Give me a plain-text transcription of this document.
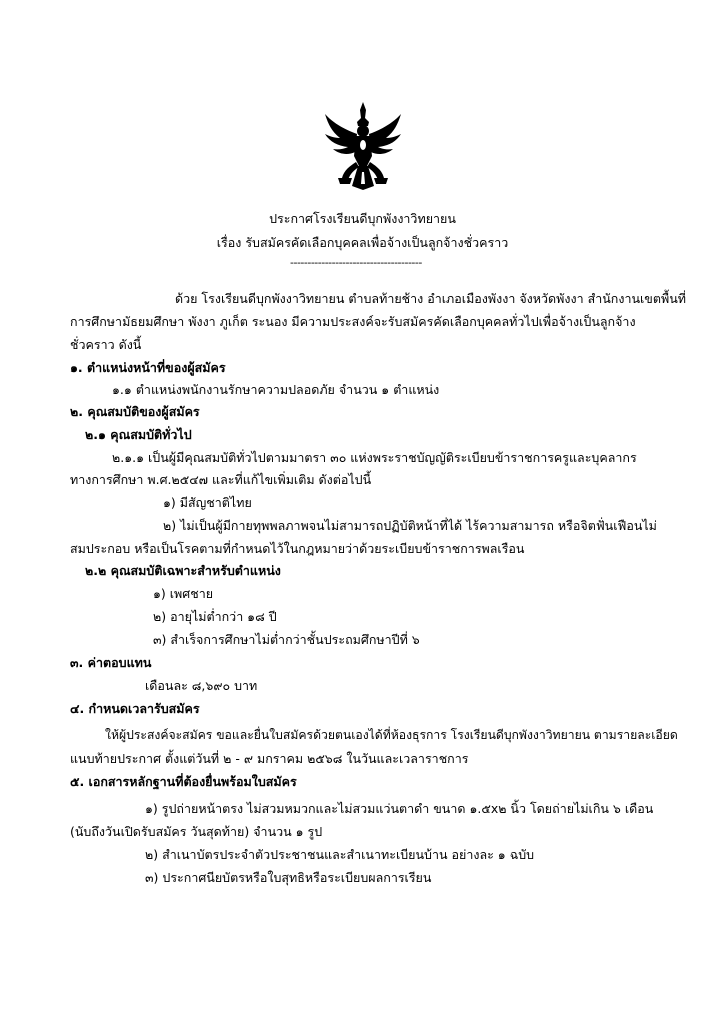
ประกาศโรงเรียนดีบุกพังงาวิทยายน
เรื่อง รับสมัครคัดเลือกบุคคลเพื่อจ้างเป็นลูกจ้างชั่วคราว
--------------------------------------
ด้วย โรงเรียนดีบุกพังงาวิทยายน ตำบลท้ายช้าง อำเภอเมืองพังงา จังหวัดพังงา สำนักงานเขตพื้นที่
การศึกษามัธยมศึกษา พังงา ภูเก็ต ระนอง มีความประสงค์จะรับสมัครคัดเลือกบุคคลทั่วไปเพื่อจ้างเป็นลูกจ้าง
ชั่วคราว ดังนี้
๑. ตำแหน่งหน้าที่ของผู้สมัคร
๑.๑ ตำแหน่งพนักงานรักษาความปลอดภัย จำนวน ๑ ตำแหน่ง
๒. คุณสมบัติของผู้สมัคร
๒.๑ คุณสมบัติทั่วไป
๒.๑.๑ เป็นผู้มีคุณสมบัติทั่วไปตามมาตรา ๓๐ แห่งพระราชบัญญัติระเบียบข้าราชการครูและบุคลากร
ทางการศึกษา พ.ศ.๒๕๔๗ และที่แก้ไขเพิ่มเติม ดังต่อไปนี้
๑) มีสัญชาติไทย
๒) ไม่เป็นผู้มีกายทุพพลภาพจนไม่สามารถปฏิบัติหน้าที่ได้ ไร้ความสามารถ หรือจิตฟั่นเฟือนไม่
สมประกอบ หรือเป็นโรคตามที่กำหนดไว้ในกฎหมายว่าด้วยระเบียบข้าราชการพลเรือน
๒.๒ คุณสมบัติเฉพาะสำหรับตำแหน่ง
๑) เพศชาย
๒) อายุไม่ต่ำกว่า ๑๘ ปี
๓) สำเร็จการศึกษาไม่ต่ำกว่าชั้นประถมศึกษาปีที่ ๖
๓. ค่าตอบแทน
เดือนละ ๘,๖๙๐ บาท
๔. กำหนดเวลารับสมัคร
ให้ผู้ประสงค์จะสมัคร ขอและยื่นใบสมัครด้วยตนเองได้ที่ห้องธุรการ โรงเรียนดีบุกพังงาวิทยายน ตามรายละเอียด
แนบท้ายประกาศ ตั้งแต่วันที่ ๒ - ๙ มกราคม ๒๕๖๘ ในวันและเวลาราชการ
๕. เอกสารหลักฐานที่ต้องยื่นพร้อมใบสมัคร
๑) รูปถ่ายหน้าตรง ไม่สวมหมวกและไม่สวมแว่นตาดำ ขนาด ๑.๕x๒ นิ้ว โดยถ่ายไม่เกิน ๖ เดือน
(นับถึงวันเปิดรับสมัคร วันสุดท้าย) จำนวน ๑ รูป
๒) สำเนาบัตรประจำตัวประชาชนและสำเนาทะเบียนบ้าน อย่างละ ๑ ฉบับ
๓) ประกาศนียบัตรหรือใบสุทธิหรือระเบียบผลการเรียน
